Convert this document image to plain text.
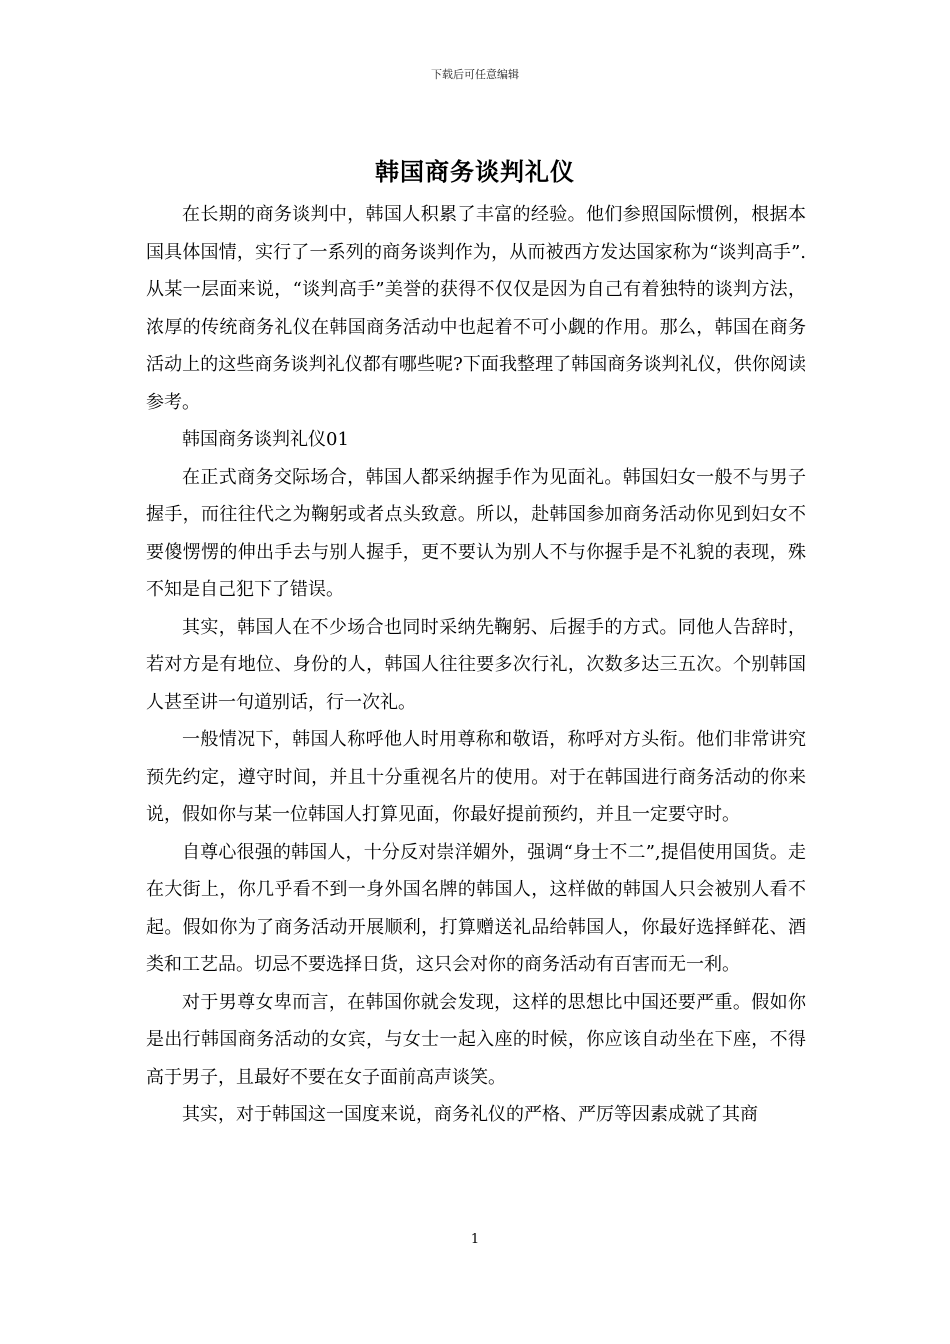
下载后可任意编辑
韩国商务谈判礼仪

在长期的商务谈判中，韩国人积累了丰富的经验。他们参照国际惯例，根据本国具体国情，实行了一系列的商务谈判作为，从而被西方发达国家称为“谈判高手”.从某一层面来说，“谈判高手”美誉的获得不仅仅是因为自己有着独特的谈判方法，浓厚的传统商务礼仪在韩国商务活动中也起着不可小觑的作用。那么，韩国在商务活动上的这些商务谈判礼仪都有哪些呢?下面我整理了韩国商务谈判礼仪，供你阅读参考。

韩国商务谈判礼仪01

在正式商务交际场合，韩国人都采纳握手作为见面礼。韩国妇女一般不与男子握手，而往往代之为鞠躬或者点头致意。所以，赴韩国参加商务活动你见到妇女不要傻愣愣的伸出手去与别人握手，更不要认为别人不与你握手是不礼貌的表现，殊不知是自己犯下了错误。

其实，韩国人在不少场合也同时采纳先鞠躬、后握手的方式。同他人告辞时，若对方是有地位、身份的人，韩国人往往要多次行礼，次数多达三五次。个别韩国人甚至讲一句道别话，行一次礼。

一般情况下，韩国人称呼他人时用尊称和敬语，称呼对方头衔。他们非常讲究预先约定，遵守时间，并且十分重视名片的使用。对于在韩国进行商务活动的你来说，假如你与某一位韩国人打算见面，你最好提前预约，并且一定要守时。

自尊心很强的韩国人，十分反对崇洋媚外，强调“身士不二”,提倡使用国货。走在大街上，你几乎看不到一身外国名牌的韩国人，这样做的韩国人只会被别人看不起。假如你为了商务活动开展顺利，打算赠送礼品给韩国人，你最好选择鲜花、酒类和工艺品。切忌不要选择日货，这只会对你的商务活动有百害而无一利。

对于男尊女卑而言，在韩国你就会发现，这样的思想比中国还要严重。假如你是出行韩国商务活动的女宾，与女士一起入座的时候，你应该自动坐在下座，不得高于男子，且最好不要在女子面前高声谈笑。

其实，对于韩国这一国度来说，商务礼仪的严格、严厉等因素成就了其商

1
